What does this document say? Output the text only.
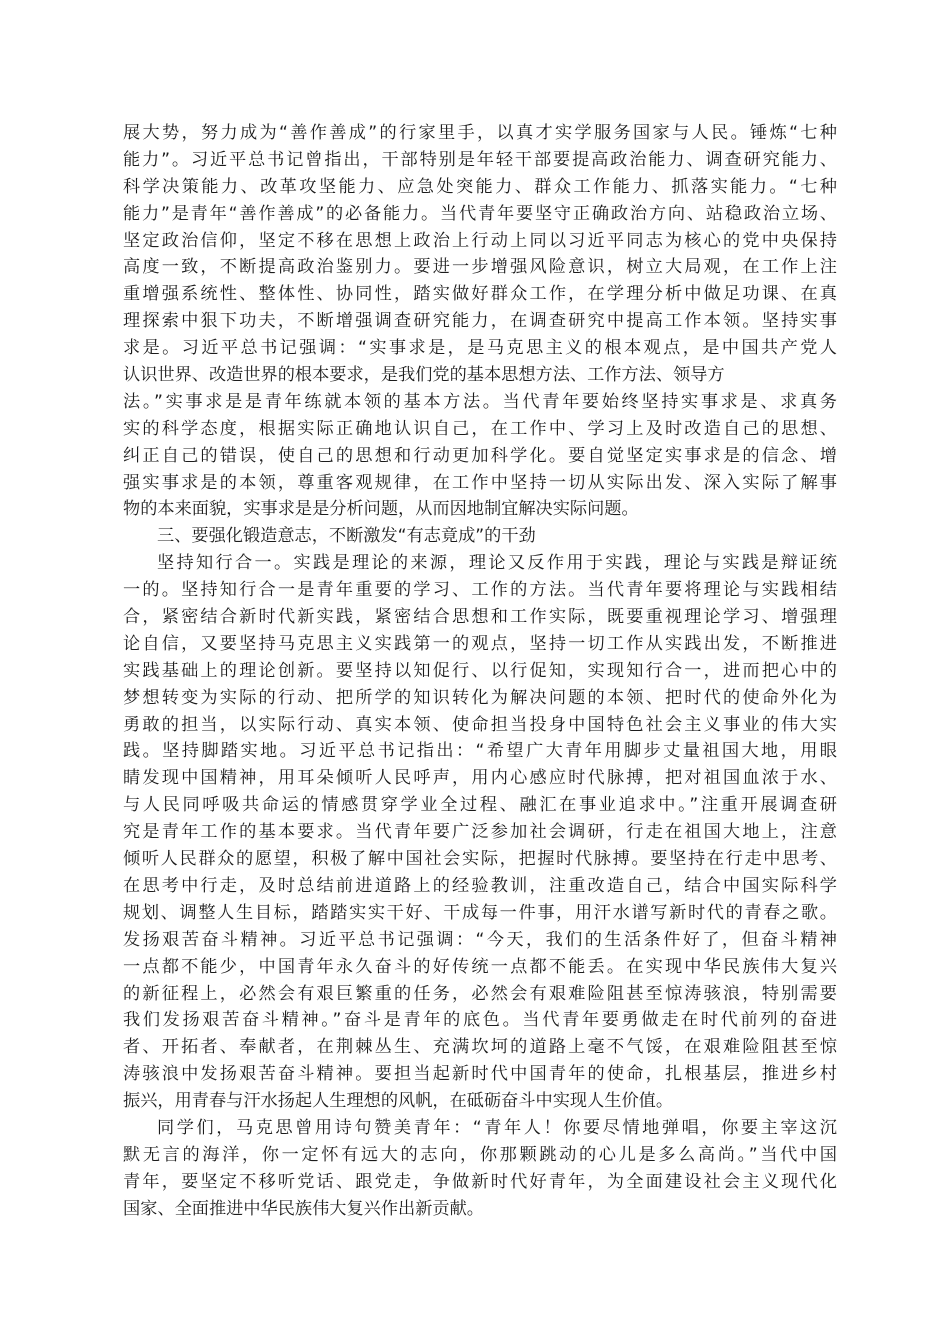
展大势，努力成为“善作善成”的行家里手，以真才实学服务国家与人民。锤炼“七种
能力”。习近平总书记曾指出，干部特别是年轻干部要提高政治能力、调查研究能力、
科学决策能力、改革攻坚能力、应急处突能力、群众工作能力、抓落实能力。“七种
能力”是青年“善作善成”的必备能力。当代青年要坚守正确政治方向、站稳政治立场、
坚定政治信仰，坚定不移在思想上政治上行动上同以习近平同志为核心的党中央保持
高度一致，不断提高政治鉴别力。要进一步增强风险意识，树立大局观，在工作上注
重增强系统性、整体性、协同性，踏实做好群众工作，在学理分析中做足功课、在真
理探索中狠下功夫，不断增强调查研究能力，在调查研究中提高工作本领。坚持实事
求是。习近平总书记强调：“实事求是，是马克思主义的根本观点，是中国共产党人
认识世界、改造世界的根本要求，是我们党的基本思想方法、工作方法、领导方
法。”实事求是是青年练就本领的基本方法。当代青年要始终坚持实事求是、求真务
实的科学态度，根据实际正确地认识自己，在工作中、学习上及时改造自己的思想、
纠正自己的错误，使自己的思想和行动更加科学化。要自觉坚定实事求是的信念、增
强实事求是的本领，尊重客观规律，在工作中坚持一切从实际出发、深入实际了解事
物的本来面貌，实事求是是分析问题，从而因地制宜解决实际问题。
三、要强化锻造意志，不断激发“有志竟成”的干劲
坚持知行合一。实践是理论的来源，理论又反作用于实践，理论与实践是辩证统
一的。坚持知行合一是青年重要的学习、工作的方法。当代青年要将理论与实践相结
合，紧密结合新时代新实践，紧密结合思想和工作实际，既要重视理论学习、增强理
论自信，又要坚持马克思主义实践第一的观点，坚持一切工作从实践出发，不断推进
实践基础上的理论创新。要坚持以知促行、以行促知，实现知行合一，进而把心中的
梦想转变为实际的行动、把所学的知识转化为解决问题的本领、把时代的使命外化为
勇敢的担当，以实际行动、真实本领、使命担当投身中国特色社会主义事业的伟大实
践。坚持脚踏实地。习近平总书记指出：“希望广大青年用脚步丈量祖国大地，用眼
睛发现中国精神，用耳朵倾听人民呼声，用内心感应时代脉搏，把对祖国血浓于水、
与人民同呼吸共命运的情感贯穿学业全过程、融汇在事业追求中。”注重开展调查研
究是青年工作的基本要求。当代青年要广泛参加社会调研，行走在祖国大地上，注意
倾听人民群众的愿望，积极了解中国社会实际，把握时代脉搏。要坚持在行走中思考、
在思考中行走，及时总结前进道路上的经验教训，注重改造自己，结合中国实际科学
规划、调整人生目标，踏踏实实干好、干成每一件事，用汗水谱写新时代的青春之歌。
发扬艰苦奋斗精神。习近平总书记强调：“今天，我们的生活条件好了，但奋斗精神
一点都不能少，中国青年永久奋斗的好传统一点都不能丢。在实现中华民族伟大复兴
的新征程上，必然会有艰巨繁重的任务，必然会有艰难险阻甚至惊涛骇浪，特别需要
我们发扬艰苦奋斗精神。”奋斗是青年的底色。当代青年要勇做走在时代前列的奋进
者、开拓者、奉献者，在荆棘丛生、充满坎坷的道路上毫不气馁，在艰难险阻甚至惊
涛骇浪中发扬艰苦奋斗精神。要担当起新时代中国青年的使命，扎根基层，推进乡村
振兴，用青春与汗水扬起人生理想的风帆，在砥砺奋斗中实现人生价值。
同学们，马克思曾用诗句赞美青年：“青年人！你要尽情地弹唱，你要主宰这沉
默无言的海洋，你一定怀有远大的志向，你那颗跳动的心儿是多么高尚。”当代中国
青年，要坚定不移听党话、跟党走，争做新时代好青年，为全面建设社会主义现代化
国家、全面推进中华民族伟大复兴作出新贡献。
